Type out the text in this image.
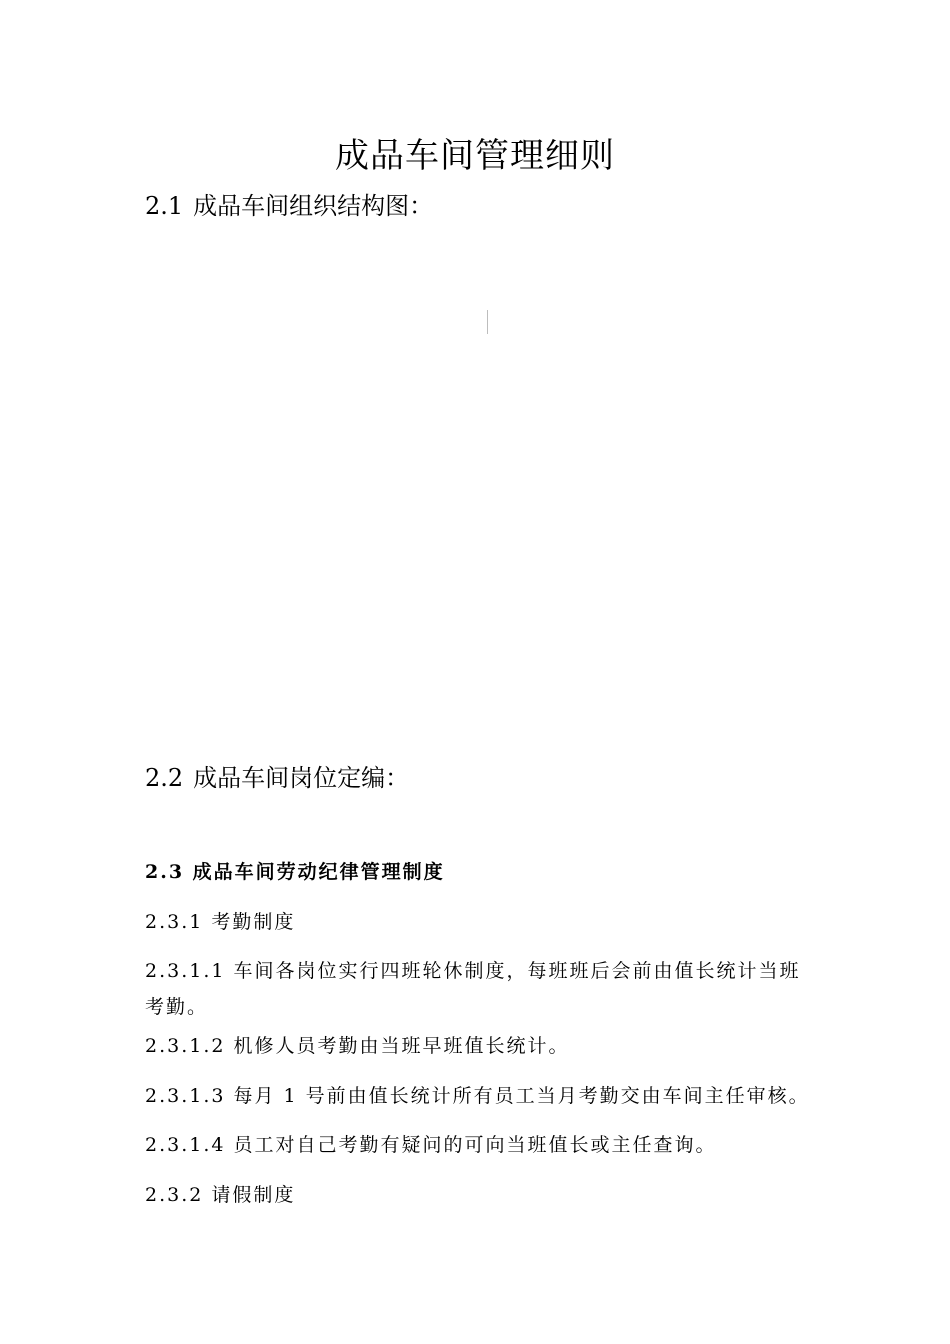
成品车间管理细则
2.1 成品车间组织结构图：
2.2 成品车间岗位定编：
2.3 成品车间劳动纪律管理制度
2.3.1 考勤制度
2.3.1.1 车间各岗位实行四班轮休制度，每班班后会前由值长统计当班考勤。
2.3.1.2 机修人员考勤由当班早班值长统计。
2.3.1.3 每月 1 号前由值长统计所有员工当月考勤交由车间主任审核。
2.3.1.4 员工对自己考勤有疑问的可向当班值长或主任查询。
2.3.2 请假制度
